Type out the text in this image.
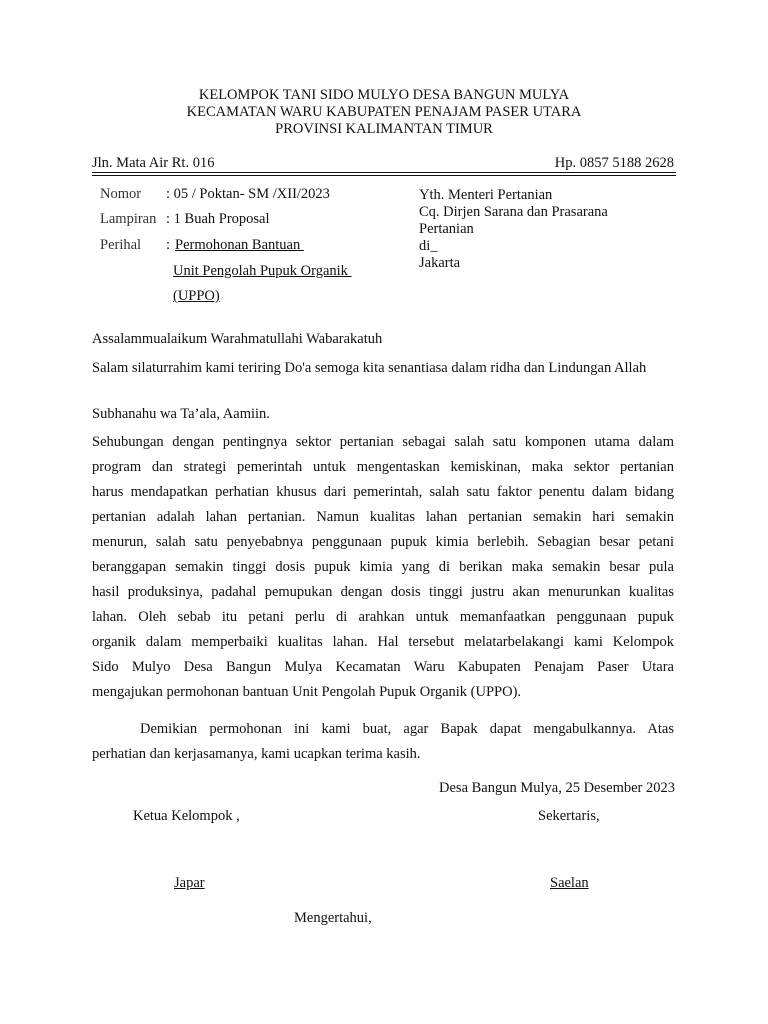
KELOMPOK TANI SIDO MULYO DESA BANGUN MULYA
KECAMATAN WARU KABUPATEN PENAJAM PASER UTARA
PROVINSI KALIMANTAN TIMUR
Jln. Mata Air Rt. 016	Hp. 0857 5188 2628
Nomor : 05 / Poktan- SM /XII/2023
Lampiran : 1 Buah Proposal
Perihal : Permohonan Bantuan
Unit Pengolah Pupuk Organik
(UPPO)
Yth. Menteri Pertanian
Cq. Dirjen Sarana dan Prasarana
Pertanian
di_
Jakarta
Assalammualaikum Warahmatullahi Wabarakatuh
Salam silaturrahim kami teriring Do'a semoga kita senantiasa dalam ridha dan Lindungan Allah
Subhanahu wa Ta’ala, Aamiin.
Sehubungan dengan pentingnya sektor pertanian sebagai salah satu komponen utama dalam
program dan strategi pemerintah untuk mengentaskan kemiskinan, maka sektor pertanian
harus mendapatkan perhatian khusus dari pemerintah, salah satu faktor penentu dalam bidang
pertanian adalah lahan pertanian. Namun kualitas lahan pertanian semakin hari semakin
menurun, salah satu penyebabnya penggunaan pupuk kimia berlebih. Sebagian besar petani
beranggapan semakin tinggi dosis pupuk kimia yang di berikan maka semakin besar pula
hasil produksinya, padahal pemupukan dengan dosis tinggi justru akan menurunkan kualitas
lahan. Oleh sebab itu petani perlu di arahkan untuk memanfaatkan penggunaan pupuk
organik dalam memperbaiki kualitas lahan. Hal tersebut melatarbelakangi kami Kelompok
Sido Mulyo Desa Bangun Mulya Kecamatan Waru Kabupaten Penajam Paser Utara
mengajukan permohonan bantuan Unit Pengolah Pupuk Organik (UPPO).
Demikian permohonan ini kami buat, agar Bapak dapat mengabulkannya. Atas
perhatian dan kerjasamanya, kami ucapkan terima kasih.
Desa Bangun Mulya, 25 Desember 2023
Ketua Kelompok ,	Sekertaris,
Japar	Saelan
Mengertahui,
